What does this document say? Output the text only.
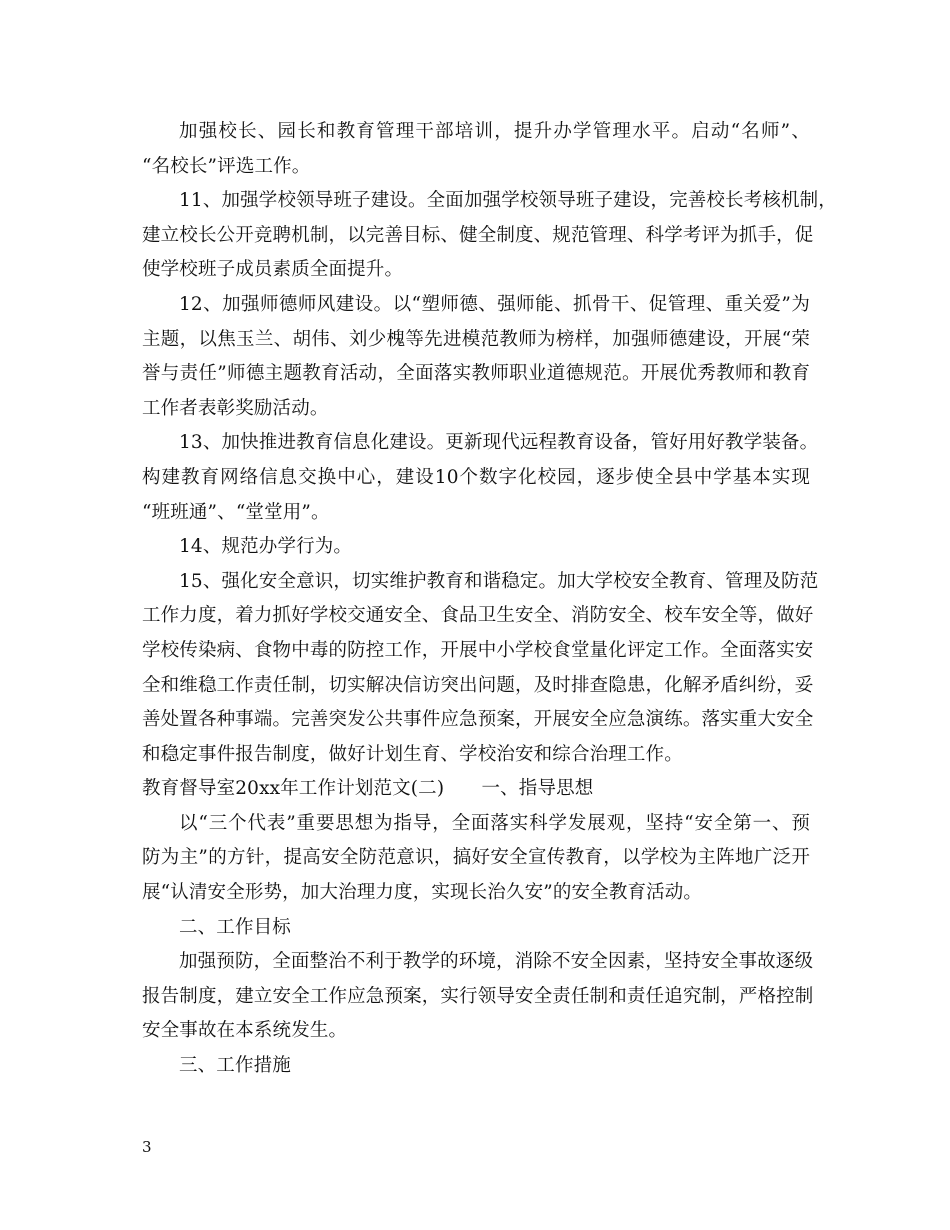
加强校长、园长和教育管理干部培训，提升办学管理水平。启动“名师”、
“名校长”评选工作。
11、加强学校领导班子建设。全面加强学校领导班子建设，完善校长考核机制，
建立校长公开竞聘机制，以完善目标、健全制度、规范管理、科学考评为抓手，促
使学校班子成员素质全面提升。
12、加强师德师风建设。以“塑师德、强师能、抓骨干、促管理、重关爱”为
主题，以焦玉兰、胡伟、刘少槐等先进模范教师为榜样，加强师德建设，开展“荣
誉与责任”师德主题教育活动，全面落实教师职业道德规范。开展优秀教师和教育
工作者表彰奖励活动。
13、加快推进教育信息化建设。更新现代远程教育设备，管好用好教学装备。
构建教育网络信息交换中心，建设10个数字化校园，逐步使全县中学基本实现
“班班通”、“堂堂用”。
14、规范办学行为。
15、强化安全意识，切实维护教育和谐稳定。加大学校安全教育、管理及防范
工作力度，着力抓好学校交通安全、食品卫生安全、消防安全、校车安全等，做好
学校传染病、食物中毒的防控工作，开展中小学校食堂量化评定工作。全面落实安
全和维稳工作责任制，切实解决信访突出问题，及时排查隐患，化解矛盾纠纷，妥
善处置各种事端。完善突发公共事件应急预案，开展安全应急演练。落实重大安全
和稳定事件报告制度，做好计划生育、学校治安和综合治理工作。
教育督导室20xx年工作计划范文(二)　　一、指导思想
以“三个代表”重要思想为指导，全面落实科学发展观，坚持“安全第一、预
防为主”的方针，提高安全防范意识，搞好安全宣传教育，以学校为主阵地广泛开
展“认清安全形势，加大治理力度，实现长治久安”的安全教育活动。
二、工作目标
加强预防，全面整治不利于教学的环境，消除不安全因素，坚持安全事故逐级
报告制度，建立安全工作应急预案，实行领导安全责任制和责任追究制，严格控制
安全事故在本系统发生。
三、工作措施
3
